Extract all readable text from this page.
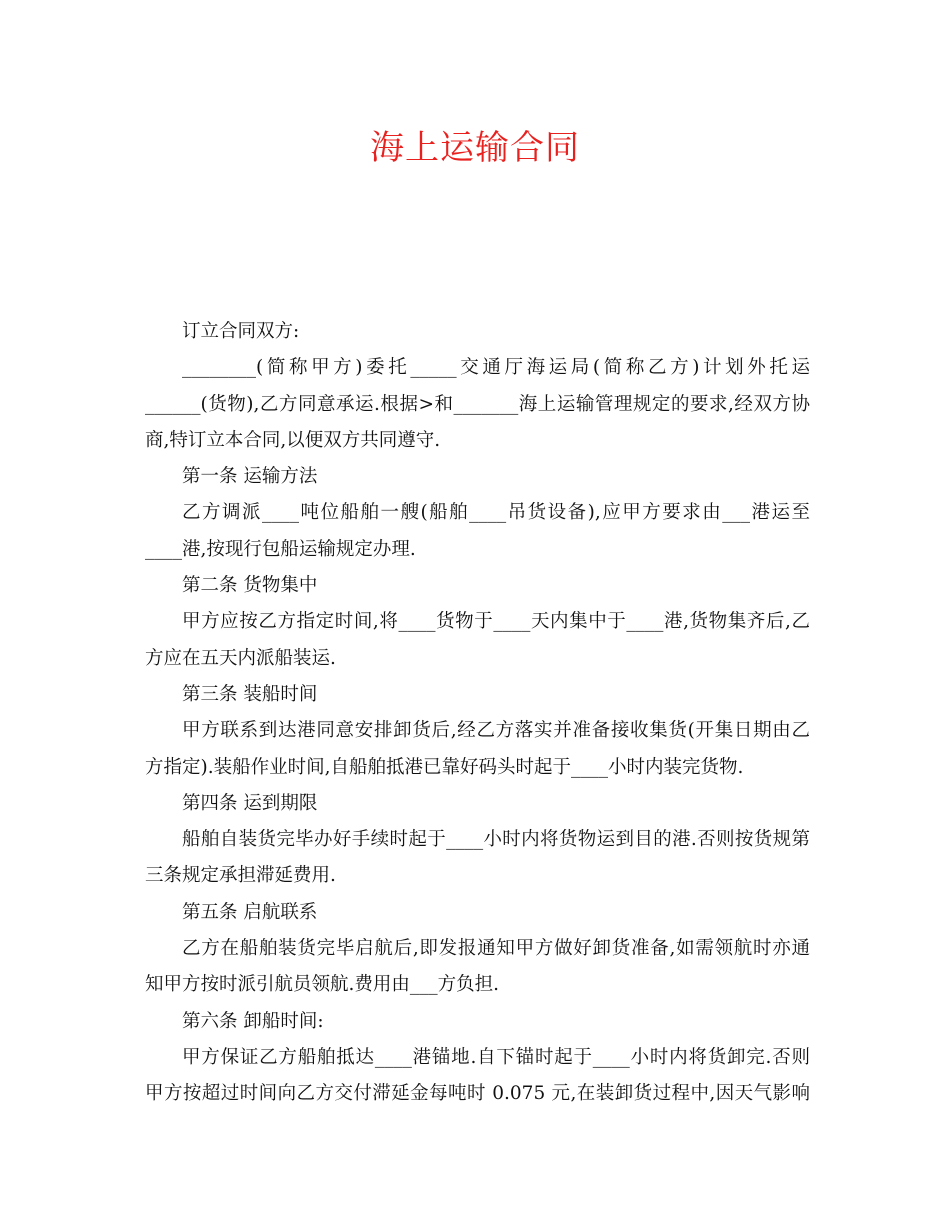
海上运输合同
订立合同双方:
________(简称甲方)委托_____交通厅海运局(简称乙方)计划外托运
______(货物),乙方同意承运.根据>和_______海上运输管理规定的要求,经双方协
商,特订立本合同,以便双方共同遵守.
第一条 运输方法
乙方调派____吨位船舶一艘(船舶____吊货设备),应甲方要求由___港运至
____港,按现行包船运输规定办理.
第二条 货物集中
甲方应按乙方指定时间,将____货物于____天内集中于____港,货物集齐后,乙
方应在五天内派船装运.
第三条 装船时间
甲方联系到达港同意安排卸货后,经乙方落实并准备接收集货(开集日期由乙
方指定).装船作业时间,自船舶抵港已靠好码头时起于____小时内装完货物.
第四条 运到期限
船舶自装货完毕办好手续时起于____小时内将货物运到目的港.否则按货规第
三条规定承担滞延费用.
第五条 启航联系
乙方在船舶装货完毕启航后,即发报通知甲方做好卸货准备,如需领航时亦通
知甲方按时派引航员领航.费用由___方负担.
第六条 卸船时间:
甲方保证乙方船舶抵达____港锚地.自下锚时起于____小时内将货卸完.否则
甲方按超过时间向乙方交付滞延金每吨时 0.075 元,在装卸货过程中,因天气影响
